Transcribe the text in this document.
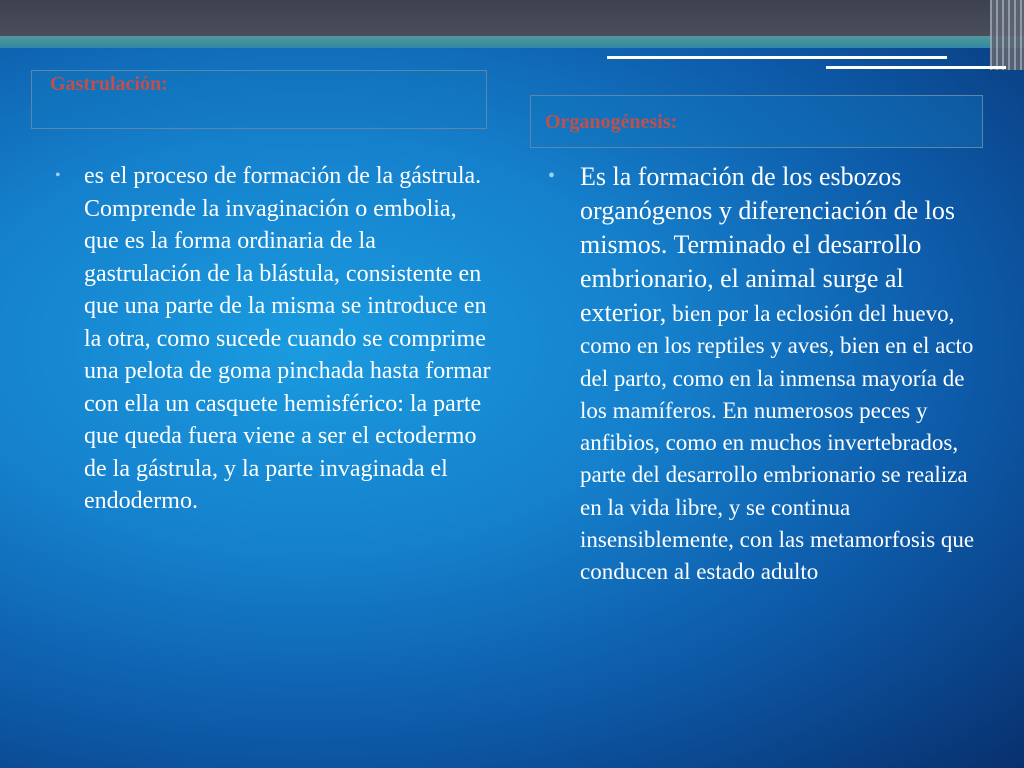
Gastrulación:
Organogénesis:
• es el proceso de formación de la gástrula. Comprende la invaginación o embolia, que es la forma ordinaria de la gastrulación de la blástula, consistente en que una parte de la misma se introduce en la otra, como sucede cuando se comprime una pelota de goma pinchada hasta formar con ella un casquete hemisférico: la parte que queda fuera viene a ser el ectodermo de la gástrula, y la parte invaginada el endodermo.
• Es la formación de los esbozos organógenos y diferenciación de los mismos. Terminado el desarrollo embrionario, el animal surge al exterior, bien por la eclosión del huevo, como en los reptiles y aves, bien en el acto del parto, como en la inmensa mayoría de los mamíferos. En numerosos peces y anfibios, como en muchos invertebrados, parte del desarrollo embrionario se realiza en la vida libre, y se continua insensiblemente, con las metamorfosis que conducen al estado adulto
